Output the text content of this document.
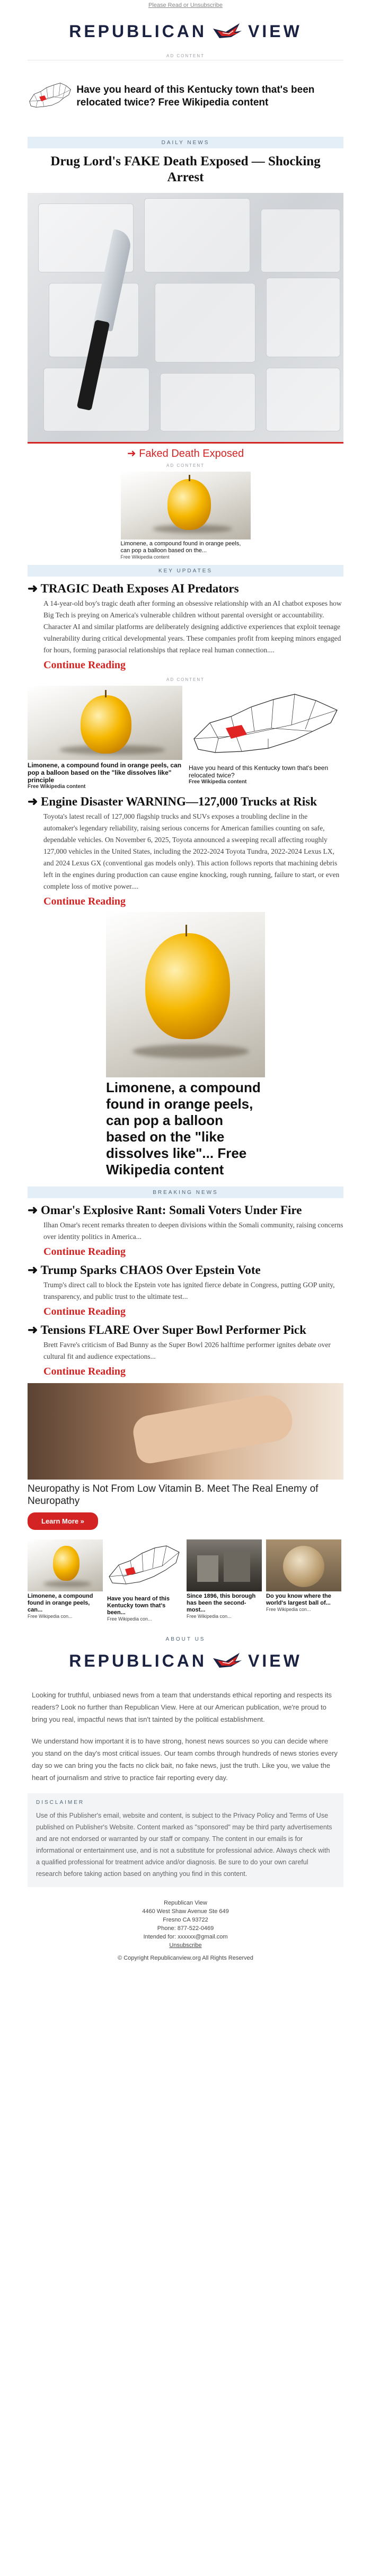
Please Read or Unsubscribe
REPUBLICAN VIEW
AD CONTENT
Have you heard of this Kentucky town that's been relocated twice? Free Wikipedia content
DAILY NEWS
Drug Lord's FAKE Death Exposed — Shocking Arrest
➜ Faked Death Exposed
AD CONTENT
Limonene, a compound found in orange peels, can pop a balloon based on the...
Free Wikipedia content
KEY UPDATES
➜ TRAGIC Death Exposes AI Predators

A 14-year-old boy's tragic death after forming an obsessive relationship with an AI chatbot exposes how Big Tech is preying on America's vulnerable children without parental oversight or accountability. Character AI and similar platforms are deliberately designing addictive experiences that exploit teenage vulnerability during critical developmental years. These companies profit from keeping minors engaged for hours, forming parasocial relationships that replace real human connection....

Continue Reading
AD CONTENT
Limonene, a compound found in orange peels, can pop a balloon based on the "like dissolves like" principle
Free Wikipedia content
Have you heard of this Kentucky town that's been relocated twice?
Free Wikipedia content
➜ Engine Disaster WARNING—127,000 Trucks at Risk

Toyota's latest recall of 127,000 flagship trucks and SUVs exposes a troubling decline in the automaker's legendary reliability, raising serious concerns for American families counting on safe, dependable vehicles. On November 6, 2025, Toyota announced a sweeping recall affecting roughly 127,000 vehicles in the United States, including the 2022-2024 Toyota Tundra, 2022-2024 Lexus LX, and 2024 Lexus GX (conventional gas models only). This action follows reports that machining debris left in the engines during production can cause engine knocking, rough running, failure to start, or even complete loss of motive power....

Continue Reading
Limonene, a compound found in orange peels, can pop a balloon based on the "like dissolves like"... Free Wikipedia content
BREAKING NEWS
➜ Omar's Explosive Rant: Somali Voters Under Fire

Ilhan Omar's recent remarks threaten to deepen divisions within the Somali community, raising concerns over identity politics in America...

Continue Reading
➜ Trump Sparks CHAOS Over Epstein Vote

Trump's direct call to block the Epstein vote has ignited fierce debate in Congress, putting GOP unity, transparency, and public trust to the ultimate test...

Continue Reading
➜ Tensions FLARE Over Super Bowl Performer Pick

Brett Favre's criticism of Bad Bunny as the Super Bowl 2026 halftime performer ignites debate over cultural fit and audience expectations...

Continue Reading
Neuropathy is Not From Low Vitamin B. Meet The Real Enemy of Neuropathy
Learn More »
Limonene, a compound found in orange peels, can...
Free Wikipedia con...
Have you heard of this Kentucky town that's been...
Free Wikipedia con...
Since 1896, this borough has been the second-most...
Free Wikipedia con...
Do you know where the world's largest ball of...
Free Wikipedia con...
ABOUT US
REPUBLICAN VIEW

Looking for truthful, unbiased news from a team that understands ethical reporting and respects its readers? Look no further than Republican View. Here at our American publication, we're proud to bring you real, impactful news that isn't tainted by the political establishment.

We understand how important it is to have strong, honest news sources so you can decide where you stand on the day's most critical issues. Our team combs through hundreds of news stories every day so we can bring you the facts no click bait, no fake news, just the truth. Like you, we value the heart of journalism and strive to practice fair reporting every day.

DISCLAIMER

Use of this Publisher's email, website and content, is subject to the Privacy Policy and Terms of Use published on Publisher's Website. Content marked as "sponsored" may be third party advertisements and are not endorsed or warranted by our staff or company. The content in our emails is for informational or entertainment use, and is not a substitute for professional advice. Always check with a qualified professional for treatment advice and/or diagnosis. Be sure to do your own careful research before taking action based on anything you find in this content.

Republican View
4460 West Shaw Avenue Ste 649
Fresno CA 93722
Phone: 877-522-0469
Intended for: xxxxxx@gmail.com
Unsubscribe
© Copyright Republicanview.org All Rights Reserved
